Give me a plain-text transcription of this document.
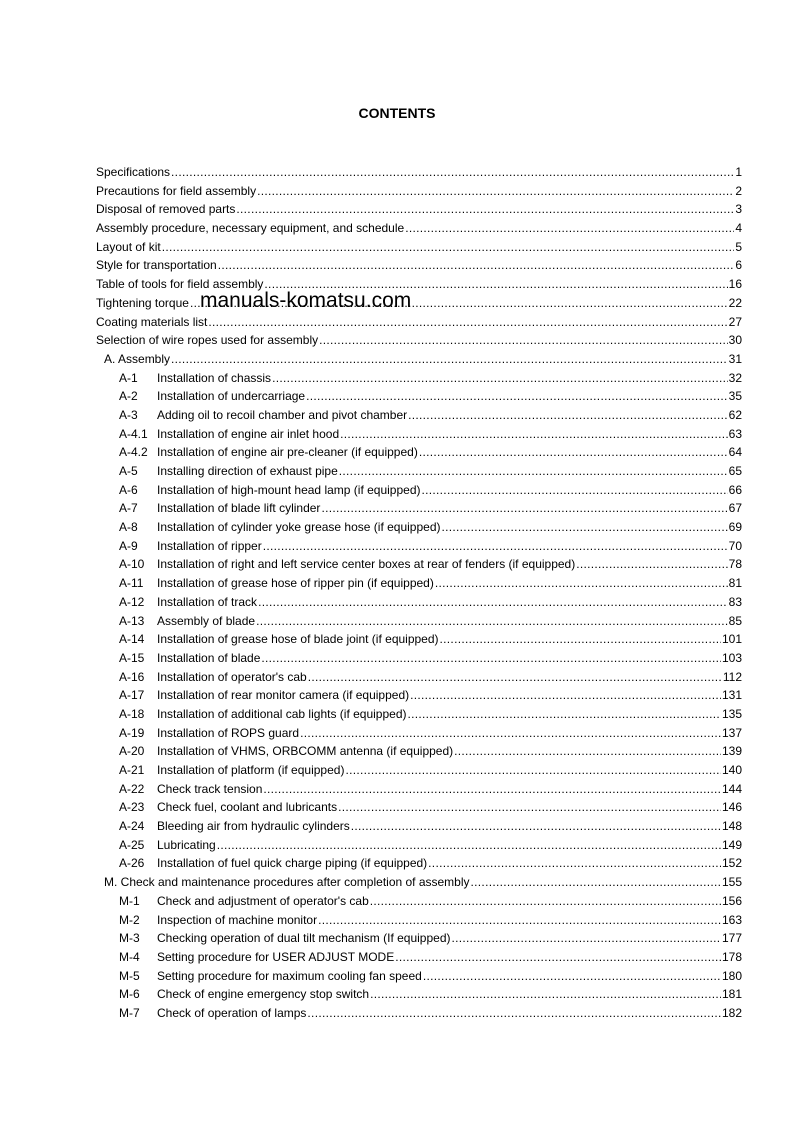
CONTENTS
Specifications .....	1
Precautions for field assembly .....	2
Disposal of removed parts .....	3
Assembly procedure, necessary equipment, and schedule .....	4
Layout of kit .....	5
Style for transportation .....	6
Table of tools for field assembly .....	16
Tightening torque .....	22
Coating materials list .....	27
Selection of wire ropes used for assembly .....	30
A. Assembly .....	31
A-1	Installation of chassis .....	32
A-2	Installation of undercarriage .....	35
A-3	Adding oil to recoil chamber and pivot chamber .....	62
A-4.1 Installation of engine air inlet hood .....	63
A-4.2 Installation of engine air pre-cleaner (if equipped) .....	64
A-5	Installing direction of exhaust pipe .....	65
A-6	Installation of high-mount head lamp (if equipped) .....	66
A-7	Installation of blade lift cylinder .....	67
A-8	Installation of cylinder yoke grease hose (if equipped) .....	69
A-9	Installation of ripper .....	70
A-10	Installation of right and left service center boxes at rear of fenders (if equipped) .....	78
A-11	Installation of grease hose of ripper pin (if equipped) .....	81
A-12	Installation of track .....	83
A-13	Assembly of blade .....	85
A-14	Installation of grease hose of blade joint (if equipped) .....	101
A-15	Installation of blade .....	103
A-16	Installation of operator's cab .....	112
A-17	Installation of rear monitor camera (if equipped) .....	131
A-18	Installation of additional cab lights (if equipped) .....	135
A-19	Installation of ROPS guard .....	137
A-20	Installation of VHMS, ORBCOMM antenna (if equipped) .....	139
A-21	Installation of platform (if equipped) .....	140
A-22	Check track tension .....	144
A-23	Check fuel, coolant and lubricants .....	146
A-24	Bleeding air from hydraulic cylinders .....	148
A-25	Lubricating .....	149
A-26	Installation of fuel quick charge piping (if equipped) .....	152
M. Check and maintenance procedures after completion of assembly .....	155
M-1	Check and adjustment of operator's cab .....	156
M-2	Inspection of machine monitor .....	163
M-3	Checking operation of dual tilt mechanism (If equipped) .....	177
M-4	Setting procedure for USER ADJUST MODE .....	178
M-5	Setting procedure for maximum cooling fan speed .....	180
M-6	Check of engine emergency stop switch .....	181
M-7	Check of operation of lamps .....	182
manuals-komatsu.com
